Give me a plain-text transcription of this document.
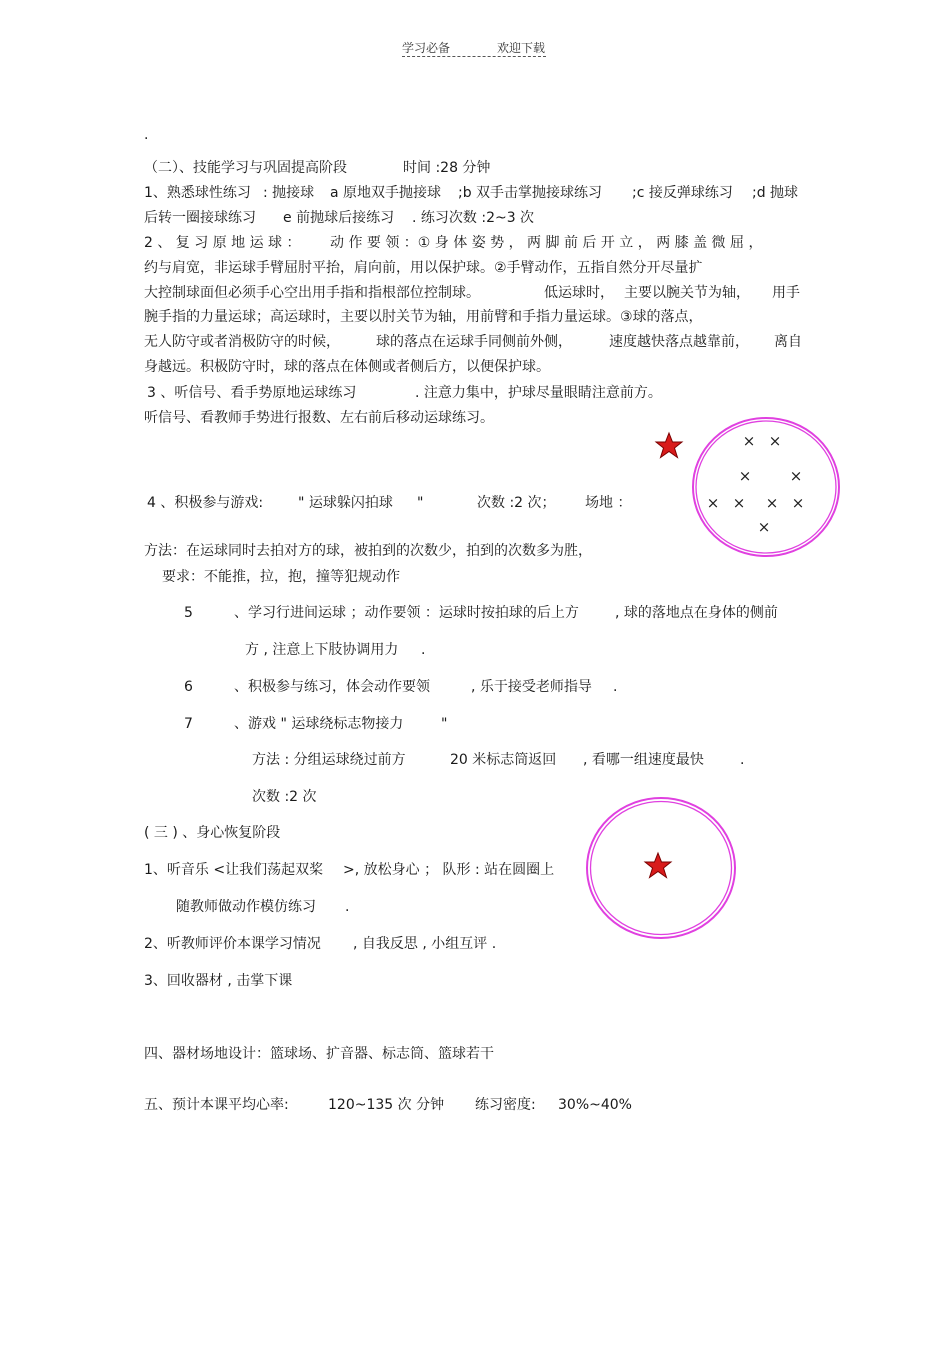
学习必备	欢迎下载
.
（二）、技能学习与巩固提高阶段	时间 :28 分钟
1、熟悉球性练习 : 抛接球 a 原地双手抛接球 ;b 双手击掌抛接球练习 ;c 接反弹球练习 ;d 抛球
后转一圈接球练习 e 前抛球后接练习 . 练习次数 :2~3 次
2 、 复 习 原 地 运 球 ： 动 作 要 领 ：① 身 体 姿 势 ， 两 脚 前 后 开 立 ， 两 膝 盖 微 屈 ，
约与肩宽，非运球手臂屈肘平抬，肩向前，用以保护球。②手臂动作，五指自然分开尽量扩
大控制球面但必须手心空出用手指和指根部位控制球。	低运球时， 主要以腕关节为轴， 用手
腕手指的力量运球；高运球时，主要以肘关节为轴，用前臂和手指力量运球。③球的落点，
无人防守或者消极防守的时候，	球的落点在运球手同侧前外侧，	速度越快落点越靠前， 离自
身越远。积极防守时，球的落点在体侧或者侧后方，以便保护球。
3 、听信号、看手势原地运球练习	. 注意力集中，护球尽量眼睛注意前方。
听信号、看教师手势进行报数、左右前后移动运球练习。
4 、积极参与游戏: " 运球躲闪拍球 "	次数 :2 次； 场地 ：
× ×
×	×
× × × ×
×
方法：在运球同时去拍对方的球，被拍到的次数少，拍到的次数多为胜，
要求：不能推，拉，抱，撞等犯规动作
5	、学习行进间运球 ；动作要领 ：运球时按拍球的后上方	, 球的落地点在身体的侧前
方 , 注意上下肢协调用力 .
6	、积极参与练习，体会动作要领	, 乐于接受老师指导 .
7	、游戏 " 运球绕标志物接力	"
方法 : 分组运球绕过前方	20 米标志筒返回 , 看哪一组速度最快	.
次数 :2 次
( 三 ) 、身心恢复阶段
1、听音乐 <让我们荡起双桨 >, 放松身心 ； 队形 : 站在圆圈上
随教师做动作模仿练习 .
2、听教师评价本课学习情况 , 自我反思 , 小组互评 .
3、回收器材 , 击掌下课
四、器材场地设计：篮球场、扩音器、标志筒、篮球若干
五、预计本课平均心率:	120~135 次 分钟 练习密度: 30%~40%
